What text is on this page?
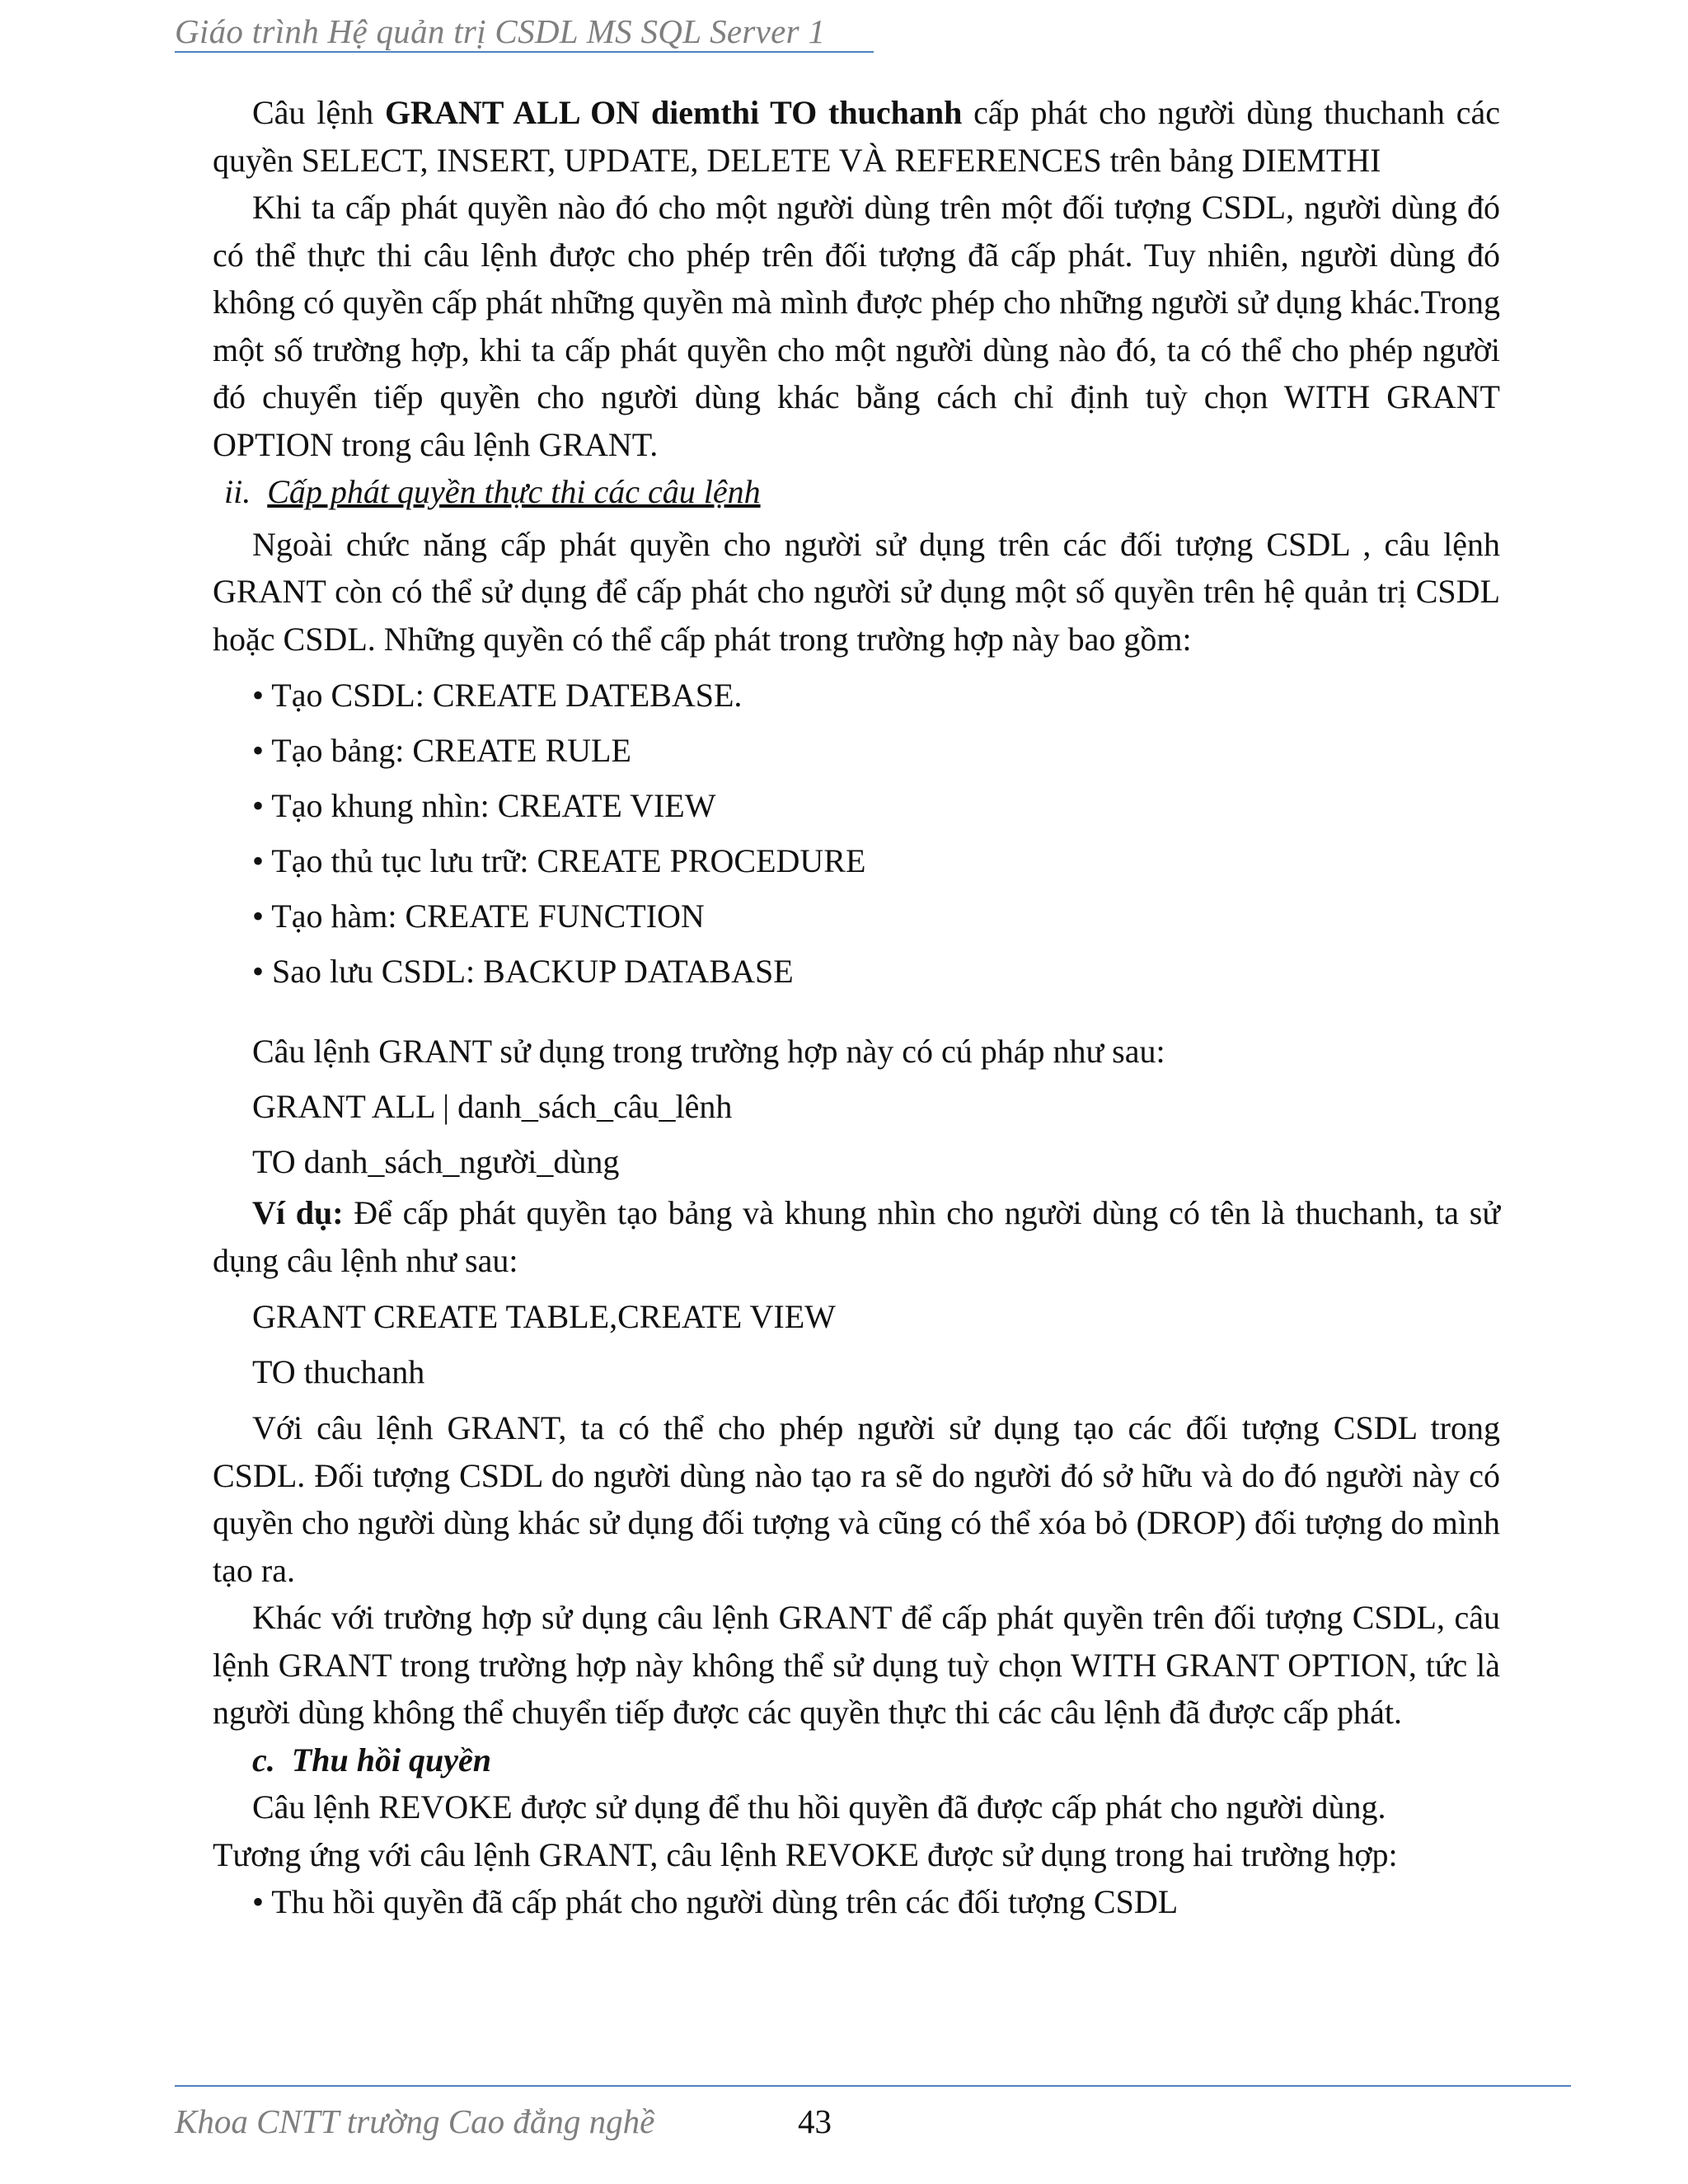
Giáo trình Hệ quản trị CSDL MS SQL Server 1

Câu lệnh GRANT ALL ON diemthi TO thuchanh cấp phát cho người dùng thuchanh các quyền SELECT, INSERT, UPDATE, DELETE VÀ REFERENCES trên bảng DIEMTHI

Khi ta cấp phát quyền nào đó cho một người dùng trên một đối tượng CSDL, người dùng đó có thể thực thi câu lệnh được cho phép trên đối tượng đã cấp phát. Tuy nhiên, người dùng đó không có quyền cấp phát những quyền mà mình được phép cho những người sử dụng khác.Trong một số trường hợp, khi ta cấp phát quyền cho một người dùng nào đó, ta có thể cho phép người đó chuyển tiếp quyền cho người dùng khác bằng cách chỉ định tuỳ chọn WITH GRANT OPTION trong câu lệnh GRANT.

ii. Cấp phát quyền thực thi các câu lệnh

Ngoài chức năng cấp phát quyền cho người sử dụng trên các đối tượng CSDL , câu lệnh GRANT còn có thể sử dụng để cấp phát cho người sử dụng một số quyền trên hệ quản trị CSDL hoặc CSDL. Những quyền có thể cấp phát trong trường hợp này bao gồm:

• Tạo CSDL: CREATE DATEBASE.

• Tạo bảng: CREATE RULE

• Tạo khung nhìn: CREATE VIEW

• Tạo thủ tục lưu trữ: CREATE PROCEDURE

• Tạo hàm: CREATE FUNCTION

• Sao lưu CSDL: BACKUP DATABASE

Câu lệnh GRANT sử dụng trong trường hợp này có cú pháp như sau:

GRANT ALL | danh_sách_câu_lênh

TO danh_sách_người_dùng

Ví dụ: Để cấp phát quyền tạo bảng và khung nhìn cho người dùng có tên là thuchanh, ta sử dụng câu lệnh như sau:

GRANT CREATE TABLE,CREATE VIEW

TO thuchanh

Với câu lệnh GRANT, ta có thể cho phép người sử dụng tạo các đối tượng CSDL trong CSDL. Đối tượng CSDL do người dùng nào tạo ra sẽ do người đó sở hữu và do đó người này có quyền cho người dùng khác sử dụng đối tượng và cũng có thể xóa bỏ (DROP) đối tượng do mình tạo ra.

Khác với trường hợp sử dụng câu lệnh GRANT để cấp phát quyền trên đối tượng CSDL, câu lệnh GRANT trong trường hợp này không thể sử dụng tuỳ chọn WITH GRANT OPTION, tức là người dùng không thể chuyển tiếp được các quyền thực thi các câu lệnh đã được cấp phát.

c. Thu hồi quyền

Câu lệnh REVOKE được sử dụng để thu hồi quyền đã được cấp phát cho người dùng.

Tương ứng với câu lệnh GRANT, câu lệnh REVOKE được sử dụng trong hai trường hợp:

• Thu hồi quyền đã cấp phát cho người dùng trên các đối tượng CSDL

Khoa CNTT trường Cao đẳng nghề	43
